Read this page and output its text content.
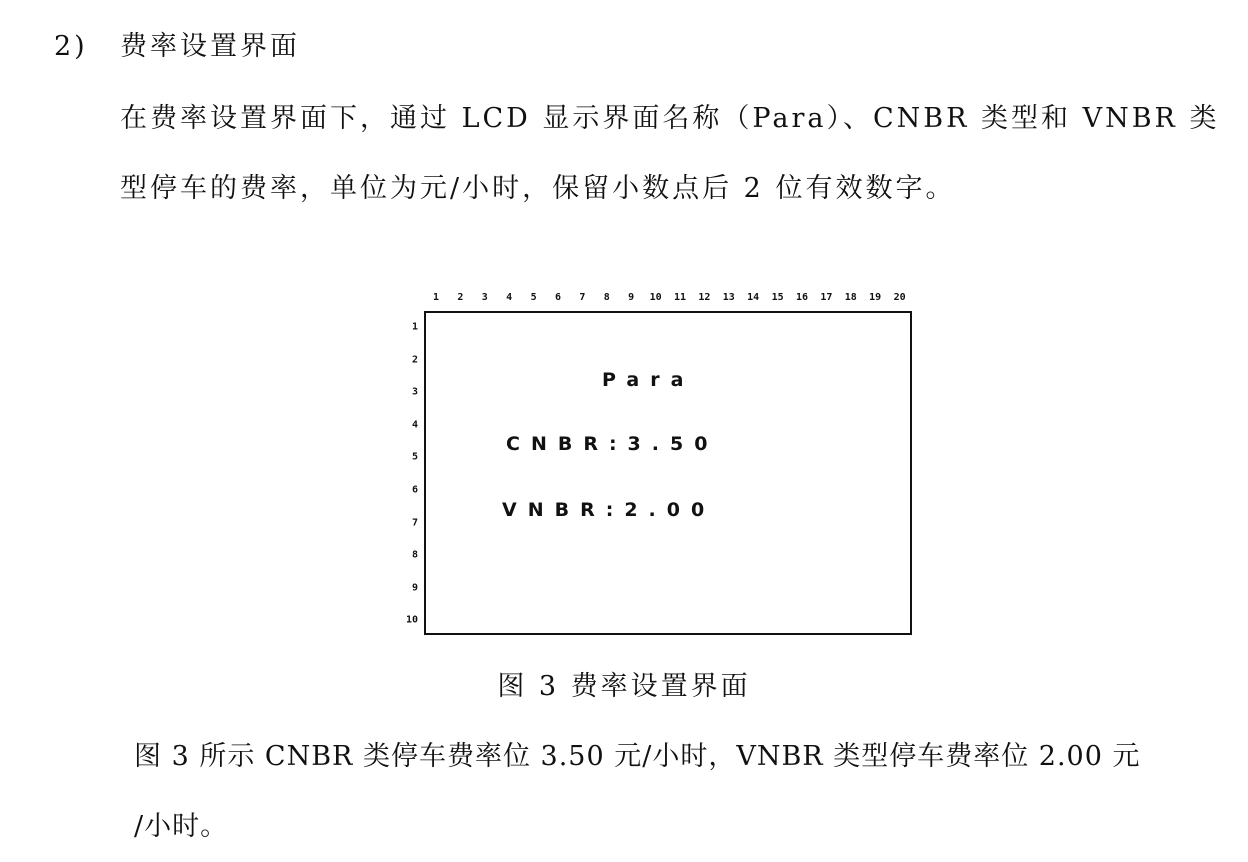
2) 费率设置界面
在费率设置界面下，通过 LCD 显示界面名称（Para）、CNBR 类型和 VNBR 类
型停车的费率，单位为元/小时，保留小数点后 2 位有效数字。
1 2 3 4 5 6 7 8 9 10 11 12 13 14 15 16 17 18 19 20
1
2
3
4
5
6
7
8
9
10
Para
CNBR:3.50
VNBR:2.00
图 3 费率设置界面
图 3 所示 CNBR 类停车费率位 3.50 元/小时，VNBR 类型停车费率位 2.00 元
/小时。
